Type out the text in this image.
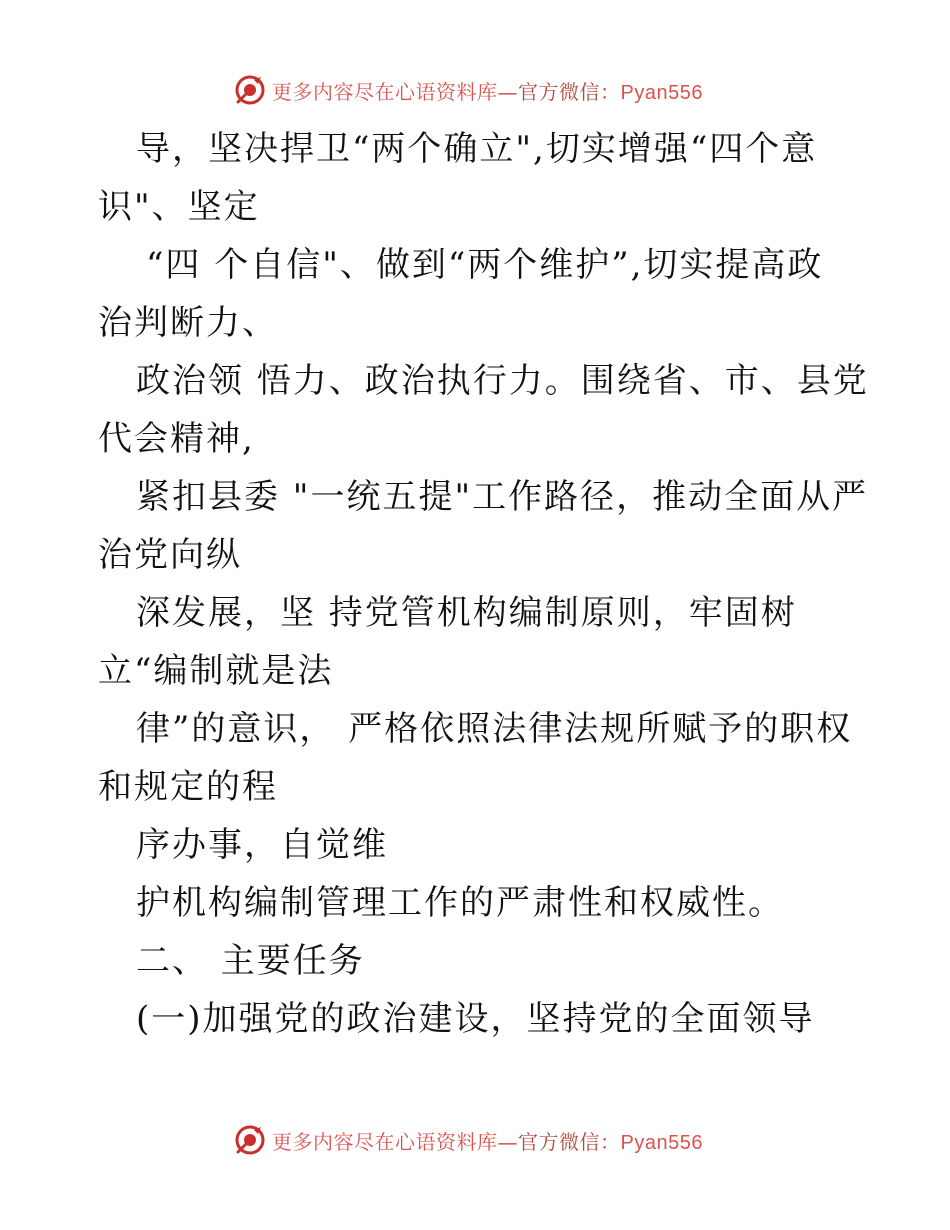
更多内容尽在心语资料库—官方微信：Pyan556
导，坚决捍卫“两个确立",切实增强“四个意
识"、坚定
“四 个自信"、做到“两个维护”,切实提高政
治判断力、
政治领 悟力、政治执行力。围绕省、市、县党
代会精神,
紧扣县委 "一统五提"工作路径，推动全面从严
治党向纵
深发展，坚 持党管机构编制原则，牢固树
立“编制就是法
律”的意识， 严格依照法律法规所赋予的职权
和规定的程
序办事，自觉维
护机构编制管理工作的严肃性和权威性。
二、 主要任务
(一)加强党的政治建设，坚持党的全面领导
更多内容尽在心语资料库—官方微信：Pyan556
